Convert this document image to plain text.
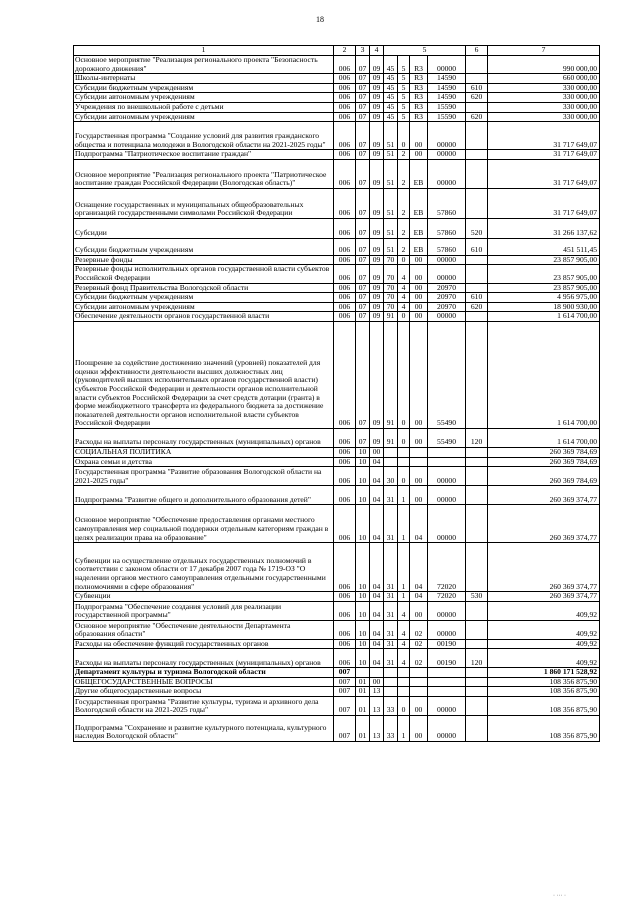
18
1	2	3	4	5				6	7
Основное мероприятие "Реализация регионального проекта "Безопасность дорожного движения"	006	07	09	45	5	R3	00000		990 000,00
Школы-интернаты	006	07	09	45	5	R3	14590		660 000,00
Субсидии бюджетным учреждениям	006	07	09	45	5	R3	14590	610	330 000,00
Субсидии автономным учреждениям	006	07	09	45	5	R3	14590	620	330 000,00
Учреждения по внешкольной работе с детьми	006	07	09	45	5	R3	15590		330 000,00
Субсидии автономным учреждениям	006	07	09	45	5	R3	15590	620	330 000,00
Государственная программа "Создание условий для развития гражданского общества и потенциала молодежи в Вологодской области на 2021-2025 годы"	006	07	09	51	0	00	00000		31 717 649,07
Подпрограмма "Патриотическое воспитание граждан"	006	07	09	51	2	00	00000		31 717 649,07
Основное мероприятие "Реализация регионального проекта "Патриотическое воспитание граждан Российской Федерации (Вологодская область)"	006	07	09	51	2	ЕВ	00000		31 717 649,07
Оснащение государственных и муниципальных общеобразовательных организаций государственными символами Российской Федерации	006	07	09	51	2	ЕВ	57860		31 717 649,07
Субсидии	006	07	09	51	2	ЕВ	57860	520	31 266 137,62
Субсидии бюджетным учреждениям	006	07	09	51	2	ЕВ	57860	610	451 511,45
Резервные фонды	006	07	09	70	0	00	00000		23 857 905,00
Резервные фонды исполнительных органов государственной власти субъектов Российской Федерации	006	07	09	70	4	00	00000		23 857 905,00
Резервный фонд Правительства Вологодской области	006	07	09	70	4	00	20970		23 857 905,00
Субсидии бюджетным учреждениям	006	07	09	70	4	00	20970	610	4 956 975,00
Субсидии автономным учреждениям	006	07	09	70	4	00	20970	620	18 900 930,00
Обеспечение деятельности органов государственной власти	006	07	09	91	0	00	00000		1 614 700,00
Поощрение за содействие достижению значений (уровней) показателей для оценки эффективности деятельности высших должностных лиц (руководителей высших исполнительных органов государственной власти) субъектов Российской Федерации и деятельности органов исполнительной власти субъектов Российской Федерации за счет средств дотации (гранта) в форме межбюджетного трансферта из федерального бюджета за достижение показателей деятельности органов исполнительной власти субъектов Российской Федерации	006	07	09	91	0	00	55490		1 614 700,00
Расходы на выплаты персоналу государственных (муниципальных) органов	006	07	09	91	0	00	55490	120	1 614 700,00
СОЦИАЛЬНАЯ ПОЛИТИКА	006	10	00						260 369 784,69
Охрана семьи и детства	006	10	04						260 369 784,69
Государственная программа "Развитие образования Вологодской области на 2021-2025 годы"	006	10	04	30	0	00	00000		260 369 784,69
Подпрограмма "Развитие общего и дополнительного образования детей"	006	10	04	31	1	00	00000		260 369 374,77
Основное мероприятие "Обеспечение предоставления органами местного самоуправления мер социальной поддержки отдельным категориям граждан в целях реализации права на образование"	006	10	04	31	1	04	00000		260 369 374,77
Субвенции на осуществление отдельных государственных полномочий в соответствии с законом области от 17 декабря 2007 года № 1719-ОЗ "О наделении органов местного самоуправления отдельными государственными полномочиями в сфере образования"	006	10	04	31	1	04	72020		260 369 374,77
Субвенции	006	10	04	31	1	04	72020	530	260 369 374,77
Подпрограмма "Обеспечение создания условий для реализации государственной программы"	006	10	04	31	4	00	00000		409,92
Основное мероприятие "Обеспечение деятельности Департамента образования области"	006	10	04	31	4	02	00000		409,92
Расходы на обеспечение функций государственных органов	006	10	04	31	4	02	00190		409,92
Расходы на выплаты персоналу государственных (муниципальных) органов	006	10	04	31	4	02	00190	120	409,92
Департамент культуры и туризма Вологодской области	007								1 860 171 528,92
ОБЩЕГОСУДАРСТВЕННЫЕ ВОПРОСЫ	007	01	00						108 356 875,90
Другие общегосударственные вопросы	007	01	13						108 356 875,90
Государственная программа "Развитие культуры, туризма и архивного дела Вологодской области на 2021-2025 годы"	007	01	13	33	0	00	00000		108 356 875,90
Подпрограмма "Сохранение и развитие культурного потенциала, культурного наследия Вологодской области"	007	01	13	33	1	00	00000		108 356 875,90
· ··· ·
